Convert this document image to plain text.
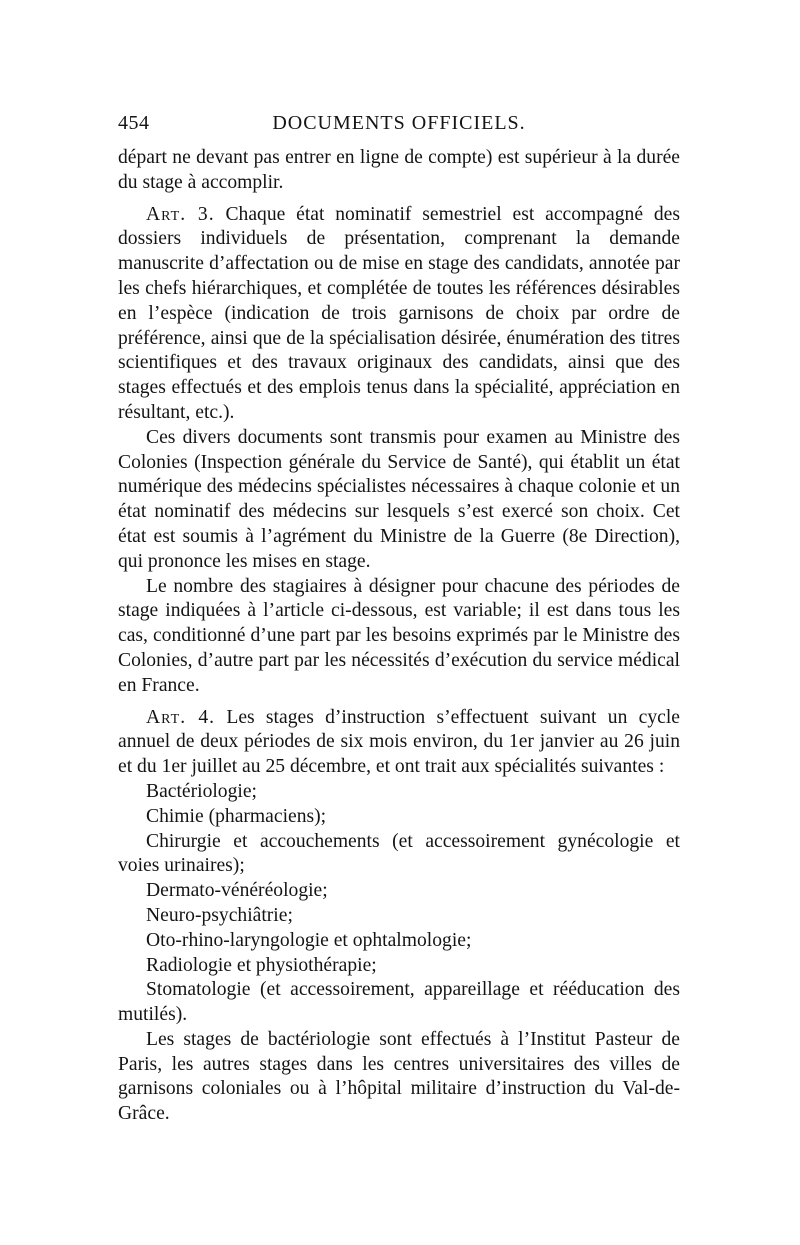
454	DOCUMENTS OFFICIELS.

départ ne devant pas entrer en ligne de compte) est supérieur à la durée du stage à accomplir.

Art. 3. Chaque état nominatif semestriel est accompagné des dossiers individuels de présentation, comprenant la demande manuscrite d’affectation ou de mise en stage des candidats, annotée par les chefs hiérarchiques, et complétée de toutes les références désirables en l’espèce (indication de trois garnisons de choix par ordre de préférence, ainsi que de la spécialisation désirée, énumération des titres scientifiques et des travaux originaux des candidats, ainsi que des stages effectués et des emplois tenus dans la spécialité, appréciation en résultant, etc.).

Ces divers documents sont transmis pour examen au Ministre des Colonies (Inspection générale du Service de Santé), qui établit un état numérique des médecins spécialistes nécessaires à chaque colonie et un état nominatif des médecins sur lesquels s’est exercé son choix. Cet état est soumis à l’agrément du Ministre de la Guerre (8e Direction), qui prononce les mises en stage.

Le nombre des stagiaires à désigner pour chacune des périodes de stage indiquées à l’article ci-dessous, est variable; il est dans tous les cas, conditionné d’une part par les besoins exprimés par le Ministre des Colonies, d’autre part par les nécessités d’exécution du service médical en France.

Art. 4. Les stages d’instruction s’effectuent suivant un cycle annuel de deux périodes de six mois environ, du 1er janvier au 26 juin et du 1er juillet au 25 décembre, et ont trait aux spécialités suivantes :

Bactériologie;

Chimie (pharmaciens);

Chirurgie et accouchements (et accessoirement gynécologie et voies urinaires);

Dermato-vénéréologie;

Neuro-psychiâtrie;

Oto-rhino-laryngologie et ophtalmologie;

Radiologie et physiothérapie;

Stomatologie (et accessoirement, appareillage et rééducation des mutilés).

Les stages de bactériologie sont effectués à l’Institut Pasteur de Paris, les autres stages dans les centres universitaires des villes de garnisons coloniales ou à l’hôpital militaire d’instruction du Val-de-Grâce.
